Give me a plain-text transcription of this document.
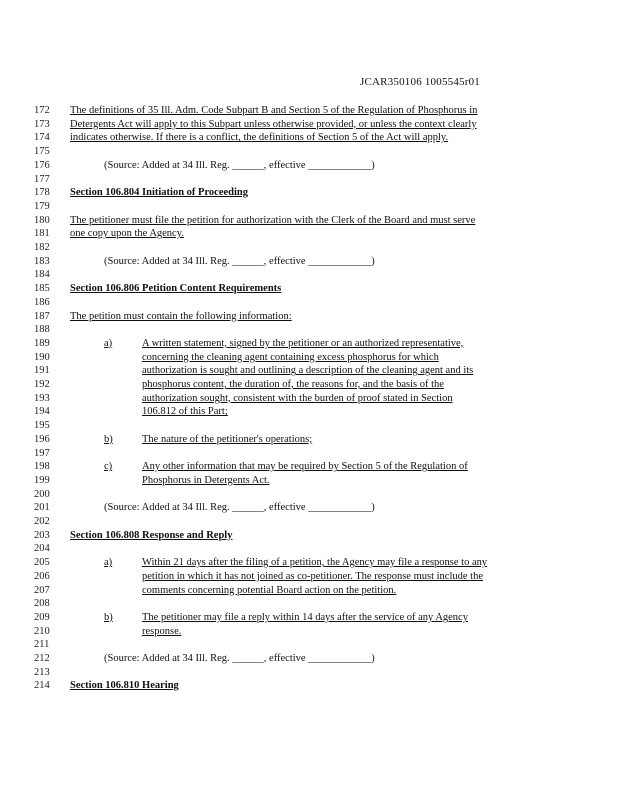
JCAR350106 1005545r01
172	The definitions of 35 Ill. Adm. Code Subpart B and Section 5 of the Regulation of Phosphorus in
173	Detergents Act will apply to this Subpart unless otherwise provided, or unless the context clearly
174	indicates otherwise. If there is a conflict, the definitions of Section 5 of the Act will apply.
175
176	(Source: Added at 34 Ill. Reg. ______, effective ____________)
177
178	Section 106.804 Initiation of Proceeding
179
180	The petitioner must file the petition for authorization with the Clerk of the Board and must serve
181	one copy upon the Agency.
182
183	(Source: Added at 34 Ill. Reg. ______, effective ____________)
184
185	Section 106.806 Petition Content Requirements
186
187	The petition must contain the following information:
188
189	a)	A written statement, signed by the petitioner or an authorized representative,
190	concerning the cleaning agent containing excess phosphorus for which
191	authorization is sought and outlining a description of the cleaning agent and its
192	phosphorus content, the duration of, the reasons for, and the basis of the
193	authorization sought, consistent with the burden of proof stated in Section
194	106.812 of this Part;
195
196	b)	The nature of the petitioner's operations;
197
198	c)	Any other information that may be required by Section 5 of the Regulation of
199	Phosphorus in Detergents Act.
200
201	(Source: Added at 34 Ill. Reg. ______, effective ____________)
202
203	Section 106.808 Response and Reply
204
205	a)	Within 21 days after the filing of a petition, the Agency may file a response to any
206	petition in which it has not joined as co-petitioner. The response must include the
207	comments concerning potential Board action on the petition.
208
209	b)	The petitioner may file a reply within 14 days after the service of any Agency
210	response.
211
212	(Source: Added at 34 Ill. Reg. ______, effective ____________)
213
214	Section 106.810 Hearing
